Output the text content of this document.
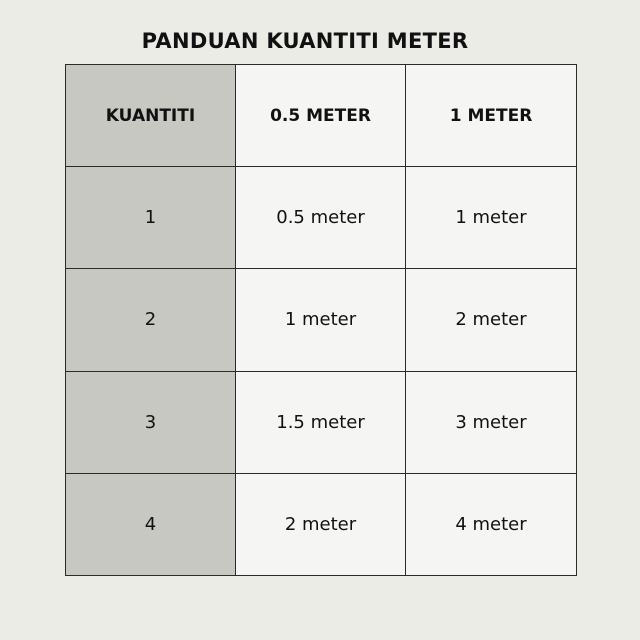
PANDUAN KUANTITI METER
KUANTITI	0.5 METER	1 METER
1	0.5 meter	1 meter
2	1 meter	2 meter
3	1.5 meter	3 meter
4	2 meter	4 meter
